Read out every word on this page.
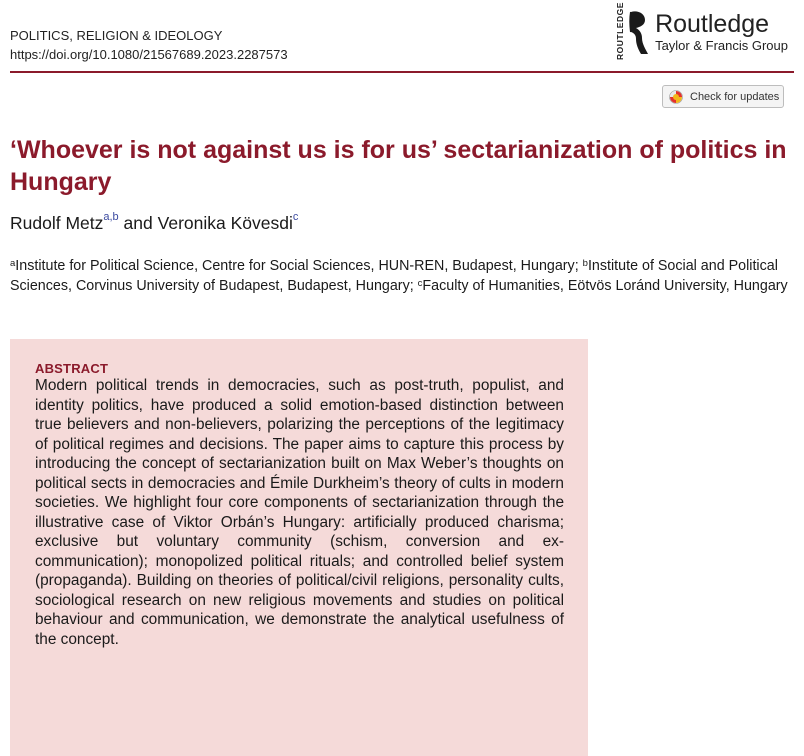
POLITICS, RELIGION & IDEOLOGY
https://doi.org/10.1080/21567689.2023.2287573	ROUTLEDGE Routledge
Taylor & Francis Group
Check for updates
‘Whoever is not against us is for us’ sectarianization of politics in Hungary
Rudolf Metz$^{a,b}$ and Veronika Kövesdi$^c$
$^a$Institute for Political Science, Centre for Social Sciences, HUN-REN, Budapest, Hungary; $^b$Institute of Social and Political Sciences, Corvinus University of Budapest, Budapest, Hungary; $^c$Faculty of Humanities, Eötvös Loránd University, Hungary
ABSTRACT

Modern political trends in democracies, such as post-truth, populist, and identity politics, have produced a solid emotion-based distinction between true believers and non-believers, polarizing the perceptions of the legitimacy of political regimes and decisions. The paper aims to capture this process by introducing the concept of sectarianization built on Max Weber’s thoughts on political sects in democracies and Émile Durkheim’s theory of cults in modern societies. We highlight four core components of sectarianization through the illustrative case of Viktor Orbán’s Hungary: artificially produced charisma; exclusive but voluntary community (schism, conversion and ex-communication); monopolized political rituals; and controlled belief system (propaganda). Building on theories of political/civil religions, personality cults, sociological research on new religious movements and studies on political behaviour and communication, we demonstrate the analytical usefulness of the concept.
